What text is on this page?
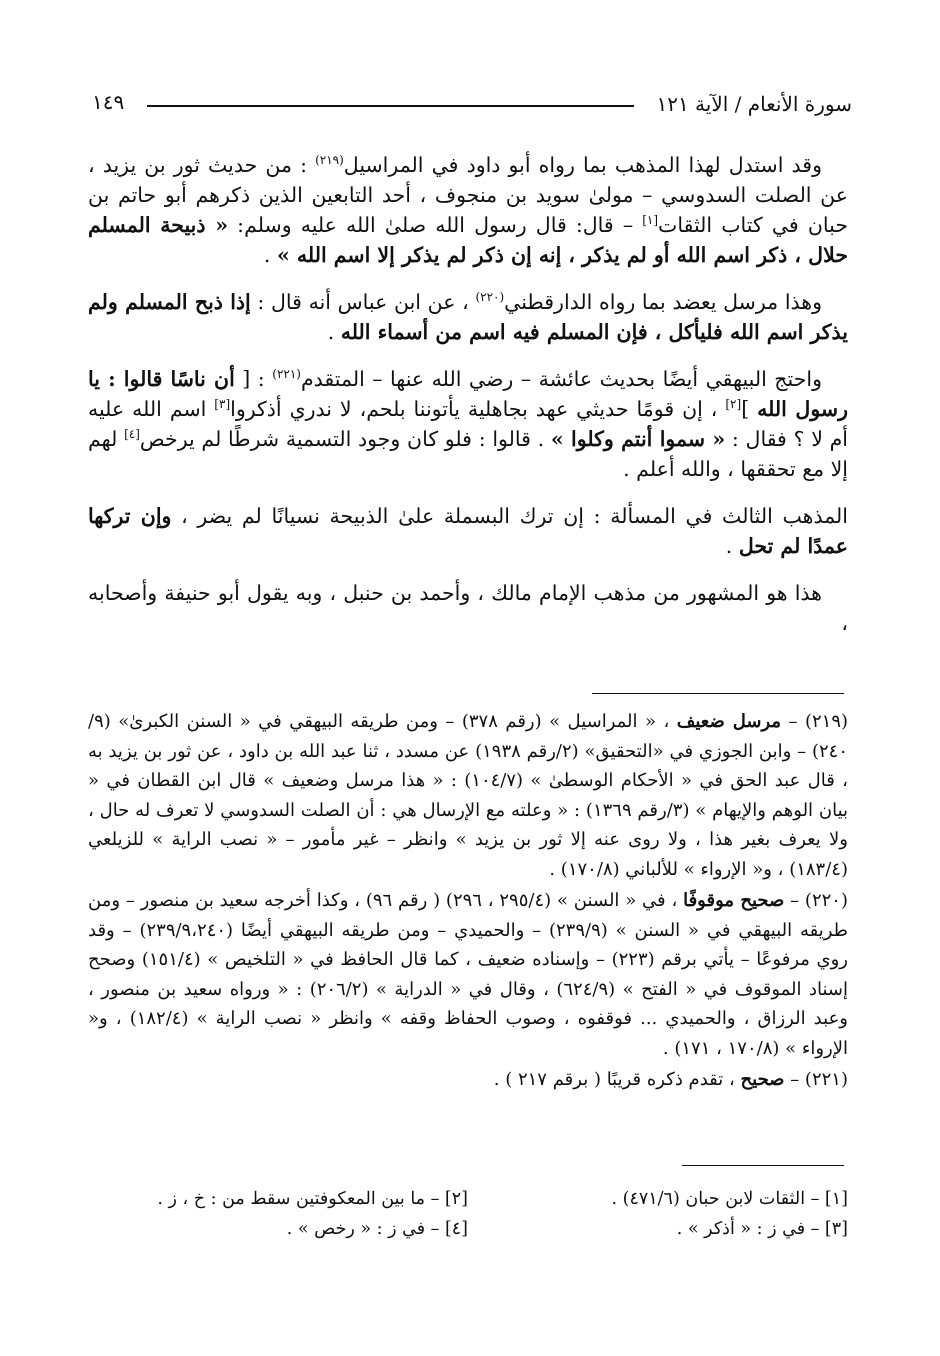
سورة الأنعام / الآية ١٢١
١٤٩

وقد استدل لهذا المذهب بما رواه أبو داود في المراسيل$^{(٢١٩)}$ : من حديث ثور بن يزيد ، عن الصلت السدوسي – مولىٰ سويد بن منجوف ، أحد التابعين الذين ذكرهم أبو حاتم بن حبان في كتاب الثقات[١] – قال: قال رسول الله صلىٰ الله عليه وسلم: « ذبيحة المسلم حلال ، ذكر اسم الله أو لم يذكر ، إنه إن ذكر لم يذكر إلا اسم الله » .

وهذا مرسل يعضد بما رواه الدارقطني$^{(٢٢٠)}$ ، عن ابن عباس أنه قال : إذا ذبح المسلم ولم يذكر اسم الله فليأكل ، فإن المسلم فيه اسم من أسماء الله .

واحتج البيهقي أيضًا بحديث عائشة – رضي الله عنها – المتقدم$^{(٢٢١)}$ : [ أن ناسًا قالوا : يا رسول الله ][٢] ، إن قومًا حديثي عهد بجاهلية يأتوننا بلحم، لا ندري أذكروا[٣] اسم الله عليه أم لا ؟ فقال : « سموا أنتم وكلوا » . قالوا : فلو كان وجود التسمية شرطًا لم يرخص[٤] لهم إلا مع تحققها ، والله أعلم .

المذهب الثالث في المسألة : إن ترك البسملة علىٰ الذبيحة نسيانًا لم يضر ، وإن تركها عمدًا لم تحل .

هذا هو المشهور من مذهب الإمام مالك ، وأحمد بن حنبل ، وبه يقول أبو حنيفة وأصحابه ،

(٢١٩) – مرسل ضعيف ، « المراسيل » (رقم ٣٧٨) – ومن طريقه البيهقي في « السنن الكبرىٰ» (٩/ ٢٤٠) – وابن الجوزي في «التحقيق» (٢/رقم ١٩٣٨) عن مسدد ، ثنا عبد الله بن داود ، عن ثور بن يزيد به ، قال عبد الحق في « الأحكام الوسطىٰ » (١٠٤/٧) : « هذا مرسل وضعيف » قال ابن القطان في « بيان الوهم والإيهام » (٣/رقم ١٣٦٩) : « وعلته مع الإرسال هي : أن الصلت السدوسي لا تعرف له حال ، ولا يعرف بغير هذا ، ولا روى عنه إلا ثور بن يزيد » وانظر – غير مأمور – « نصب الراية » للزيلعي (١٨٣/٤) ، و« الإرواء » للألباني (١٧٠/٨) .

(٢٢٠) – صحيح موقوفًا ، في « السنن » (٢٩٥/٤ ، ٢٩٦) ( رقم ٩٦) ، وكذا أخرجه سعيد بن منصور – ومن طريقه البيهقي في « السنن » (٢٣٩/٩) – والحميدي – ومن طريقه البيهقي أيضًا (٢٣٩/٩،٢٤٠) – وقد روي مرفوعًا – يأتي برقم (٢٢٣) – وإسناده ضعيف ، كما قال الحافظ في « التلخيص » (١٥١/٤) وصحح إسناد الموقوف في « الفتح » (٦٢٤/٩) ، وقال في « الدراية » (٢٠٦/٢) : « ورواه سعيد بن منصور ، وعبد الرزاق ، والحميدي ... فوقفوه ، وصوب الحفاظ وقفه » وانظر « نصب الراية » (١٨٢/٤) ، و« الإرواء » (١٧٠/٨ ، ١٧١) .

(٢٢١) – صحيح ، تقدم ذكره قريبًا ( برقم ٢١٧ ) .

[١] – الثقات لابن حبان (٤٧١/٦) .
[٢] – ما بين المعكوفتين سقط من : خ ، ز .
[٣] – في ز : « أذكر » .
[٤] – في ز : « رخص » .
